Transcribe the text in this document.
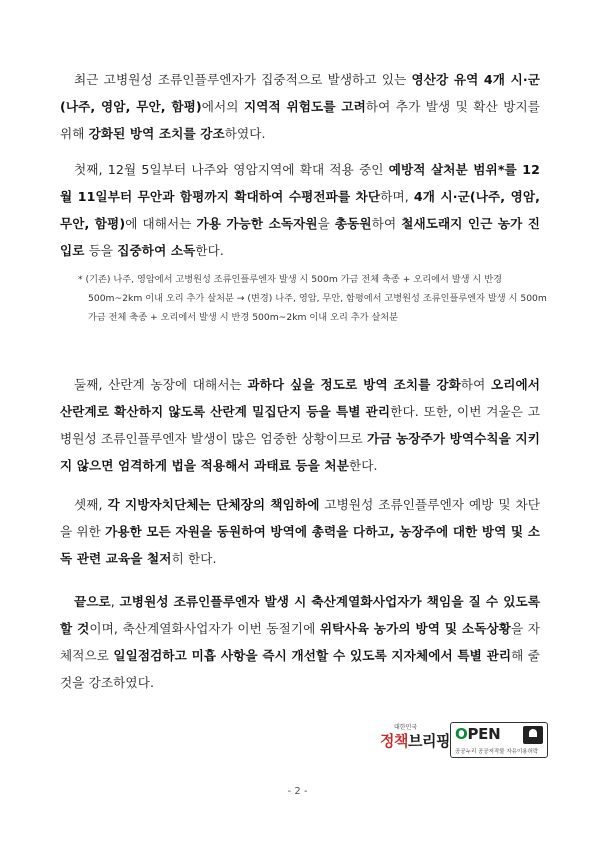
최근 고병원성 조류인플루엔자가 집중적으로 발생하고 있는 영산강 유역 4개 시·군(나주, 영암, 무안, 함평)에서의 지역적 위험도를 고려하여 추가 발생 및 확산 방지를 위해 강화된 방역 조치를 강조하였다.

첫째, 12월 5일부터 나주와 영암지역에 확대 적용 중인 예방적 살처분 범위*를 12월 11일부터 무안과 함평까지 확대하여 수평전파를 차단하며, 4개 시·군(나주, 영암, 무안, 함평)에 대해서는 가용 가능한 소독자원을 총동원하여 철새도래지 인근 농가 진입로 등을 집중하여 소독한다.

* (기존) 나주, 영암에서 고병원성 조류인플루엔자 발생 시 500m 가금 전체 축종 + 오리에서 발생 시 반경 500m~2km 이내 오리 추가 살처분 → (변경) 나주, 영암, 무안, 함평에서 고병원성 조류인플루엔자 발생 시 500m 가금 전체 축종 + 오리에서 발생 시 반경 500m~2km 이내 오리 추가 살처분

둘째, 산란계 농장에 대해서는 과하다 싶을 정도로 방역 조치를 강화하여 오리에서 산란계로 확산하지 않도록 산란계 밀집단지 등을 특별 관리한다. 또한, 이번 겨울은 고병원성 조류인플루엔자 발생이 많은 엄중한 상황이므로 가금 농장주가 방역수칙을 지키지 않으면 엄격하게 법을 적용해서 과태료 등을 처분한다.

셋째, 각 지방자치단체는 단체장의 책임하에 고병원성 조류인플루엔자 예방 및 차단을 위한 가용한 모든 자원을 동원하여 방역에 총력을 다하고, 농장주에 대한 방역 및 소독 관련 교육을 철저히 한다.

끝으로, 고병원성 조류인플루엔자 발생 시 축산계열화사업자가 책임을 질 수 있도록 할 것이며, 축산계열화사업자가 이번 동절기에 위탁사육 농가의 방역 및 소독상황을 자체적으로 일일점검하고 미흡 사항을 즉시 개선할 수 있도록 지자체에서 특별 관리해 줄 것을 강조하였다.

대한민국
정책브리핑 OPEN
공공누리 공공저작물 자유이용허락
- 2 -
